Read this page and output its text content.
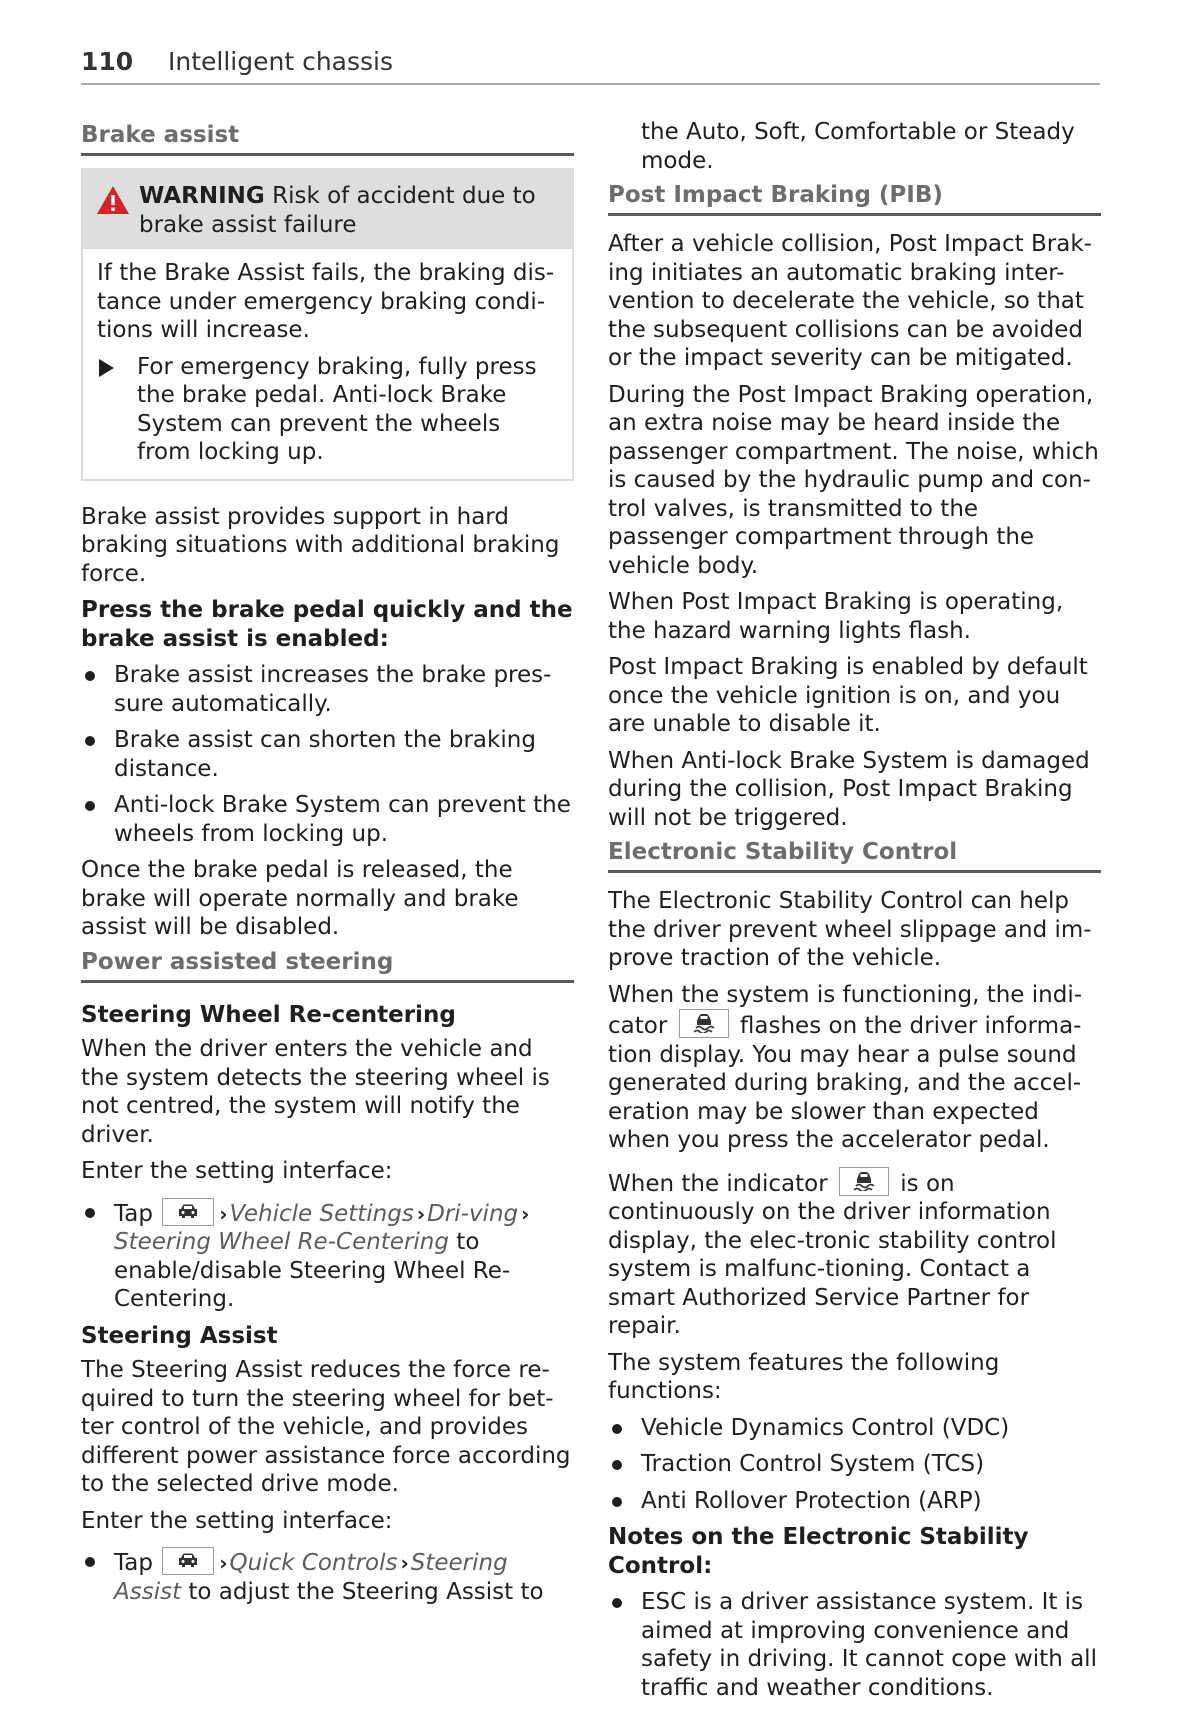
110 Intelligent chassis
Brake assist
WARNING Risk of accident due to brake assist failure

If the Brake Assist fails, the braking dis-tance under emergency braking condi-tions will increase.

For emergency braking, fully press the brake pedal. Anti-lock Brake System can prevent the wheels from locking up.

Brake assist provides support in hard braking situations with additional braking force.

Press the brake pedal quickly and the brake assist is enabled:

Brake assist increases the brake pres-sure automatically.
Brake assist can shorten the braking distance.
Anti-lock Brake System can prevent the wheels from locking up.

Once the brake pedal is released, the brake will operate normally and brake assist will be disabled.

Power assisted steering
Steering Wheel Re-centering

When the driver enters the vehicle and the system detects the steering wheel is not centred, the system will notify the driver.

Enter the setting interface:

Tap	›Vehicle Settings ›Dri-ving ›Steering Wheel Re-Centering to enable/disable Steering Wheel Re-Centering.
Steering Assist

The Steering Assist reduces the force re-quired to turn the steering wheel for bet-ter control of the vehicle, and provides different power assistance force according to the selected drive mode.

Enter the setting interface:

Tap	›Quick Controls ›Steering Assist to adjust the Steering Assist to

the Auto, Soft, Comfortable or Steady mode.

Post Impact Braking (PIB)

After a vehicle collision, Post Impact Brak-ing initiates an automatic braking inter-vention to decelerate the vehicle, so that the subsequent collisions can be avoided or the impact severity can be mitigated.

During the Post Impact Braking operation, an extra noise may be heard inside the passenger compartment. The noise, which is caused by the hydraulic pump and con-trol valves, is transmitted to the passenger compartment through the vehicle body.

When Post Impact Braking is operating, the hazard warning lights flash.

Post Impact Braking is enabled by default once the vehicle ignition is on, and you are unable to disable it.

When Anti-lock Brake System is damaged during the collision, Post Impact Braking will not be triggered.

Electronic Stability Control

The Electronic Stability Control can help the driver prevent wheel slippage and im-prove traction of the vehicle.

When the system is functioning, the indi-cator	flashes on the driver informa-tion display. You may hear a pulse sound generated during braking, and the accel-eration may be slower than expected when you press the accelerator pedal.

When the indicator	is on continuously on the driver information display, the elec-tronic stability control system is malfunc-tioning. Contact a smart Authorized Service Partner for repair.

The system features the following functions:

Vehicle Dynamics Control (VDC)
Traction Control System (TCS)
Anti Rollover Protection (ARP)

Notes on the Electronic Stability Control:

ESC is a driver assistance system. It is aimed at improving convenience and safety in driving. It cannot cope with all traffic and weather conditions.
